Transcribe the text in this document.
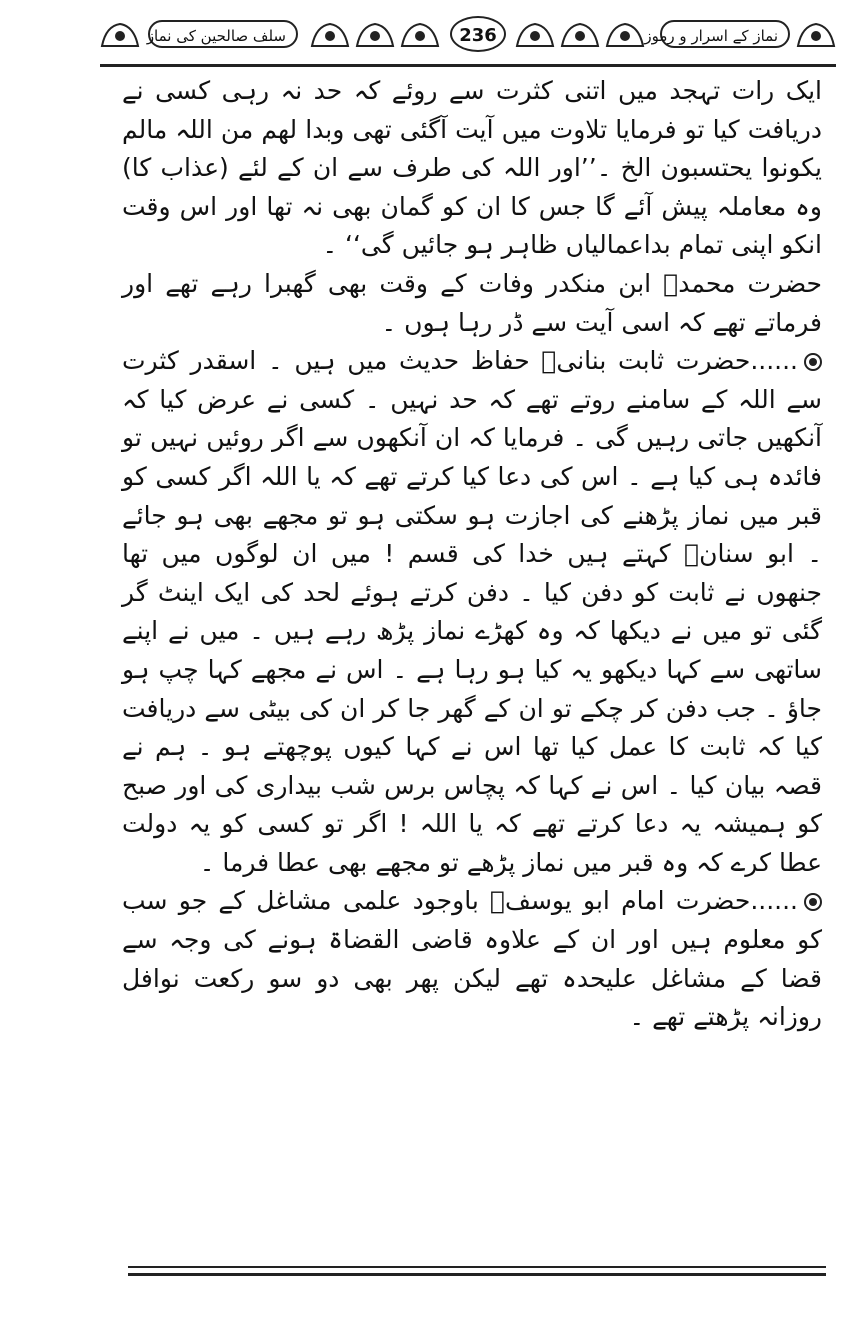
سلف صالحین کی نماز	236	نماز کے اسرار و رموز

ایک رات تہجد میں اتنی کثرت سے روئے کہ حد نہ رہی کسی نے دریافت کیا تو فرمایا تلاوت میں آیت آگئی تھی وبدا لھم من اللہ مالم یکونوا یحتسبون الخ ۔’’اور اللہ کی طرف سے ان کے لئے (عذاب کا) وہ معاملہ پیش آئے گا جس کا ان کو گمان بھی نہ تھا اور اس وقت انکو اپنی تمام بداعمالیاں ظاہر ہو جائیں گی‘‘ ۔

حضرت محمدؒ ابن منکدر وفات کے وقت بھی گھبرا رہے تھے اور فرماتے تھے کہ اسی آیت سے ڈر رہا ہوں ۔

......حضرت ثابت بنانیؒ حفاظ حدیث میں ہیں ۔ اسقدر کثرت سے اللہ کے سامنے روتے تھے کہ حد نہیں ۔ کسی نے عرض کیا کہ آنکھیں جاتی رہیں گی ۔ فرمایا کہ ان آنکھوں سے اگر روئیں نہیں تو فائدہ ہی کیا ہے ۔ اس کی دعا کیا کرتے تھے کہ یا اللہ اگر کسی کو قبر میں نماز پڑھنے کی اجازت ہو سکتی ہو تو مجھے بھی ہو جائے ۔ ابو سنانؒ کہتے ہیں خدا کی قسم ! میں ان لوگوں میں تھا جنھوں نے ثابت کو دفن کیا ۔ دفن کرتے ہوئے لحد کی ایک اینٹ گر گئی تو میں نے دیکھا کہ وہ کھڑے نماز پڑھ رہے ہیں ۔ میں نے اپنے ساتھی سے کہا دیکھو یہ کیا ہو رہا ہے ۔ اس نے مجھے کہا چپ ہو جاؤ ۔ جب دفن کر چکے تو ان کے گھر جا کر ان کی بیٹی سے دریافت کیا کہ ثابت کا عمل کیا تھا اس نے کہا کیوں پوچھتے ہو ۔ ہم نے قصہ بیان کیا ۔ اس نے کہا کہ پچاس برس شب بیداری کی اور صبح کو ہمیشہ یہ دعا کرتے تھے کہ یا اللہ ! اگر تو کسی کو یہ دولت عطا کرے کہ وہ قبر میں نماز پڑھے تو مجھے بھی عطا فرما ۔
......حضرت امام ابو یوسفؒ باوجود علمی مشاغل کے جو سب کو معلوم ہیں اور ان کے علاوہ قاضی القضاۃ ہونے کی وجہ سے قضا کے مشاغل علیحدہ تھے لیکن پھر بھی دو سو رکعت نوافل روزانہ پڑھتے تھے ۔
